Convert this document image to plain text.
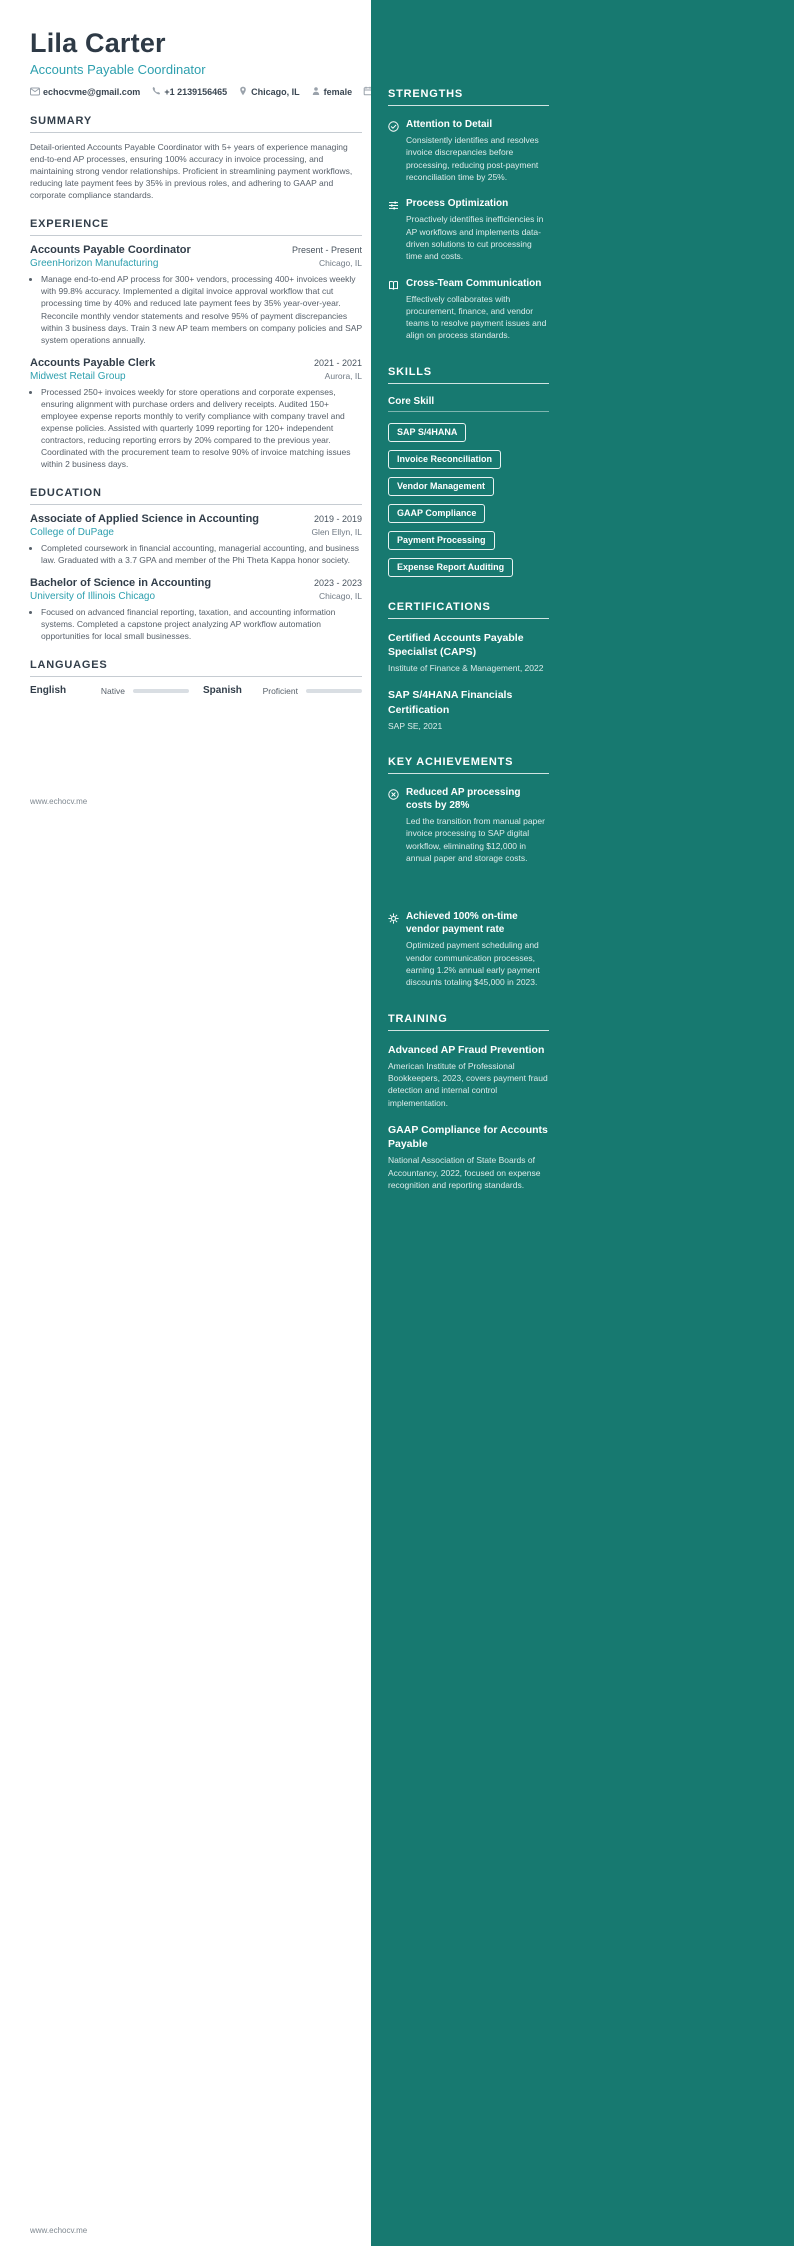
Lila Carter
Accounts Payable Coordinator
echocvme@gmail.com	+1 2139156465	Chicago, IL	female
SUMMARY

Detail-oriented Accounts Payable Coordinator with 5+ years of experience managing end-to-end AP processes, ensuring 100% accuracy in invoice processing, and maintaining strong vendor relationships. Proficient in streamlining payment workflows, reducing late payment fees by 35% in previous roles, and adhering to GAAP and corporate compliance standards.

EXPERIENCE
Accounts Payable Coordinator	Present - Present
GreenHorizon Manufacturing	Chicago, IL
• Manage end-to-end AP process for 300+ vendors, processing 400+ invoices weekly with 99.8% accuracy. Implemented a digital invoice approval workflow that cut processing time by 40% and reduced late payment fees by 35% year-over-year. Reconcile monthly vendor statements and resolve 95% of payment discrepancies within 3 business days. Train 3 new AP team members on company policies and SAP system operations annually.
Accounts Payable Clerk	2021 - 2021
Midwest Retail Group	Aurora, IL
• Processed 250+ invoices weekly for store operations and corporate expenses, ensuring alignment with purchase orders and delivery receipts. Audited 150+ employee expense reports monthly to verify compliance with company travel and expense policies. Assisted with quarterly 1099 reporting for 120+ independent contractors, reducing reporting errors by 20% compared to the previous year. Coordinated with the procurement team to resolve 90% of invoice matching issues within 2 business days.
EDUCATION
Associate of Applied Science in Accounting	2019 - 2019
College of DuPage	Glen Ellyn, IL
• Completed coursework in financial accounting, managerial accounting, and business law. Graduated with a 3.7 GPA and member of the Phi Theta Kappa honor society.
Bachelor of Science in Accounting	2023 - 2023
University of Illinois Chicago	Chicago, IL
• Focused on advanced financial reporting, taxation, and accounting information systems. Completed a capstone project analyzing AP workflow automation opportunities for local small businesses.
LANGUAGES
English	Native	Spanish Proficient
STRENGTHS
Attention to Detail
Consistently identifies and resolves invoice discrepancies before processing, reducing post-payment reconciliation time by 25%.
Process Optimization
Proactively identifies inefficiencies in AP workflows and implements data-driven solutions to cut processing time and costs.
Cross-Team Communication
Effectively collaborates with procurement, finance, and vendor teams to resolve payment issues and align on process standards.
SKILLS
Core Skill
SAP S/4HANA
Invoice Reconciliation
Vendor Management
GAAP Compliance
Payment Processing
Expense Report Auditing
CERTIFICATIONS
Certified Accounts Payable Specialist (CAPS)
Institute of Finance & Management, 2022
SAP S/4HANA Financials Certification
SAP SE, 2021
KEY ACHIEVEMENTS
Reduced AP processing costs by 28%
Led the transition from manual paper invoice processing to SAP digital workflow, eliminating $12,000 in annual paper and storage costs.
Achieved 100% on-time vendor payment rate
Optimized payment scheduling and vendor communication processes, earning 1.2% annual early payment discounts totaling $45,000 in 2023.
TRAINING
Advanced AP Fraud Prevention
American Institute of Professional Bookkeepers, 2023, covers payment fraud detection and internal control implementation.
GAAP Compliance for Accounts Payable
National Association of State Boards of Accountancy, 2022, focused on expense recognition and reporting standards.
www.echocv.me
www.echocv.me
